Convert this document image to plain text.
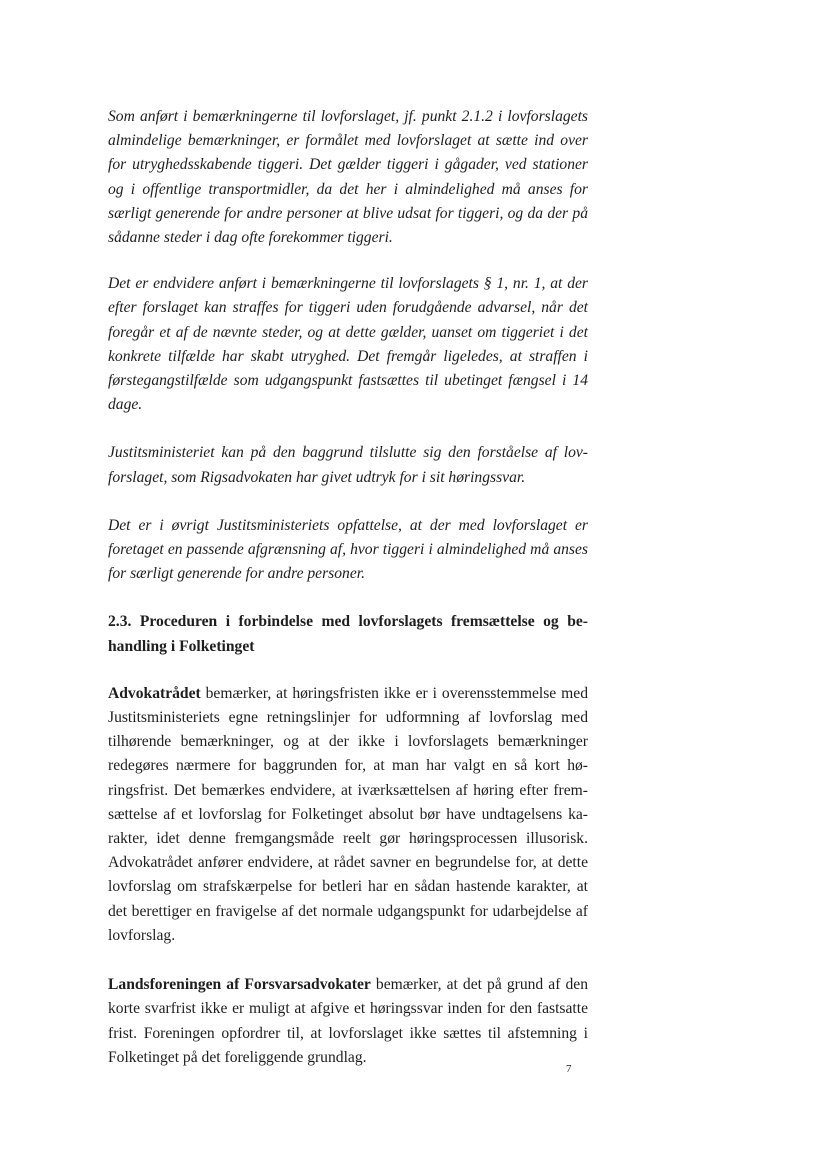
Som anført i bemærkningerne til lovforslaget, jf. punkt 2.1.2 i lovforslagets almindelige bemærkninger, er formålet med lovforslaget at sætte ind over for utryghedsskabende tiggeri. Det gælder tiggeri i gågader, ved stationer og i offentlige transportmidler, da det her i almindelighed må anses for særligt generende for andre personer at blive udsat for tiggeri, og da der på sådanne steder i dag ofte forekommer tiggeri.

Det er endvidere anført i bemærkningerne til lovforslagets § 1, nr. 1, at der efter forslaget kan straffes for tiggeri uden forudgående advarsel, når det foregår et af de nævnte steder, og at dette gælder, uanset om tiggeriet i det konkrete tilfælde har skabt utryghed. Det fremgår ligeledes, at straffen i førstegangstilfælde som udgangspunkt fastsættes til ubetinget fængsel i 14 dage.

Justitsministeriet kan på den baggrund tilslutte sig den forståelse af lovforslaget, som Rigsadvokaten har givet udtryk for i sit høringssvar.

Det er i øvrigt Justitsministeriets opfattelse, at der med lovforslaget er foretaget en passende afgrænsning af, hvor tiggeri i almindelighed må anses for særligt generende for andre personer.

2.3. Proceduren i forbindelse med lovforslagets fremsættelse og behandling i Folketinget

Advokatrådet bemærker, at høringsfristen ikke er i overensstemmelse med Justitsministeriets egne retningslinjer for udformning af lovforslag med tilhørende bemærkninger, og at der ikke i lovforslagets bemærkninger redegøres nærmere for baggrunden for, at man har valgt en så kort høringsfrist. Det bemærkes endvidere, at iværksættelsen af høring efter fremsættelse af et lovforslag for Folketinget absolut bør have undtagelsens karakter, idet denne fremgangsmåde reelt gør høringsprocessen illusorisk. Advokatrådet anfører endvidere, at rådet savner en begrundelse for, at dette lovforslag om strafskærpelse for betleri har en sådan hastende karakter, at det berettiger en fravigelse af det normale udgangspunkt for udarbejdelse af lovforslag.

Landsforeningen af Forsvarsadvokater bemærker, at det på grund af den korte svarfrist ikke er muligt at afgive et høringssvar inden for den fastsatte frist. Foreningen opfordrer til, at lovforslaget ikke sættes til afstemning i Folketinget på det foreliggende grundlag.

7
